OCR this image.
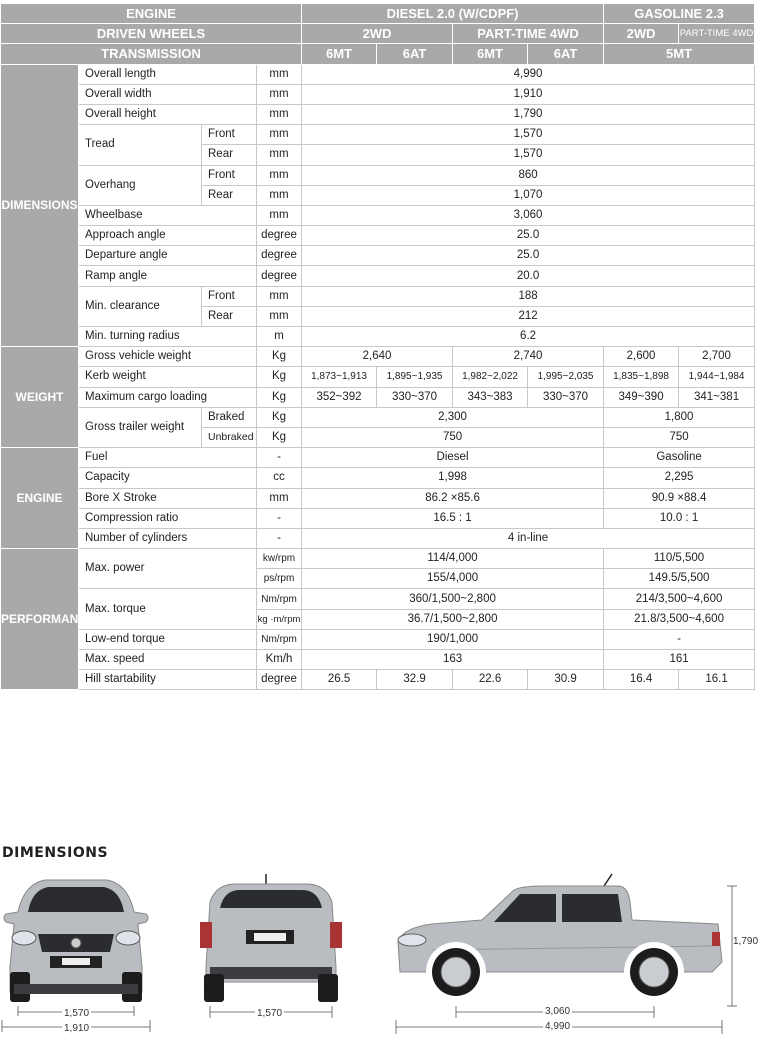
ENGINE				DIESEL 2.0 (W/CDPF)				GASOLINE 2.3	
DRIVEN WHEELS				2WD		PART-TIME 4WD		2WD	PART-TIME 4WD
TRANSMISSION				6MT	6AT	6MT	6AT	5MT	
DIMENSIONS	Overall length		mm	4,990					
	Overall width		mm	1,910					
	Overall height		mm	1,790					
	Tread	Front	mm	1,570					
		Rear	mm	1,570					
	Overhang	Front	mm	860					
		Rear	mm	1,070					
	Wheelbase		mm	3,060					
	Approach angle		degree	25.0					
	Departure angle		degree	25.0					
	Ramp angle		degree	20.0					
	Min. clearance	Front	mm	188					
		Rear	mm	212					
	Min. turning radius		m	6.2					
WEIGHT	Gross vehicle weight		Kg	2,640		2,740		2,600	2,700
	Kerb weight		Kg	1,873~1,913	1,895~1,935	1,982~2,022	1,995~2,035	1,835~1,898	1,944~1,984
	Maximum cargo loading		Kg	352~392	330~370	343~383	330~370	349~390	341~381
	Gross trailer weight	Braked	Kg	2,300				1,800	
		Unbraked	Kg	750				750	
ENGINE	Fuel		-	Diesel				Gasoline	
	Capacity		cc	1,998				2,295	
	Bore X Stroke		mm	86.2 ×85.6				90.9 ×88.4	
	Compression ratio		-	16.5 : 1				10.0 : 1	
	Number of cylinders		-	4 in-line					
PERFORMANCE	Max. power		kw/rpm	114/4,000				110/5,500	
			ps/rpm	155/4,000				149.5/5,500	
	Max. torque		Nm/rpm	360/1,500~2,800				214/3,500~4,600	
			kg ·m/rpm	36.7/1,500~2,800				21.8/3,500~4,600	
	Low-end torque		Nm/rpm	190/1,000				-	
	Max. speed		Km/h	163				161	
	Hill startability		degree	26.5	32.9	22.6	30.9	16.4	16.1
DIMENSIONS
1,570
1,910
1,570
1,790
3,060
4,990
